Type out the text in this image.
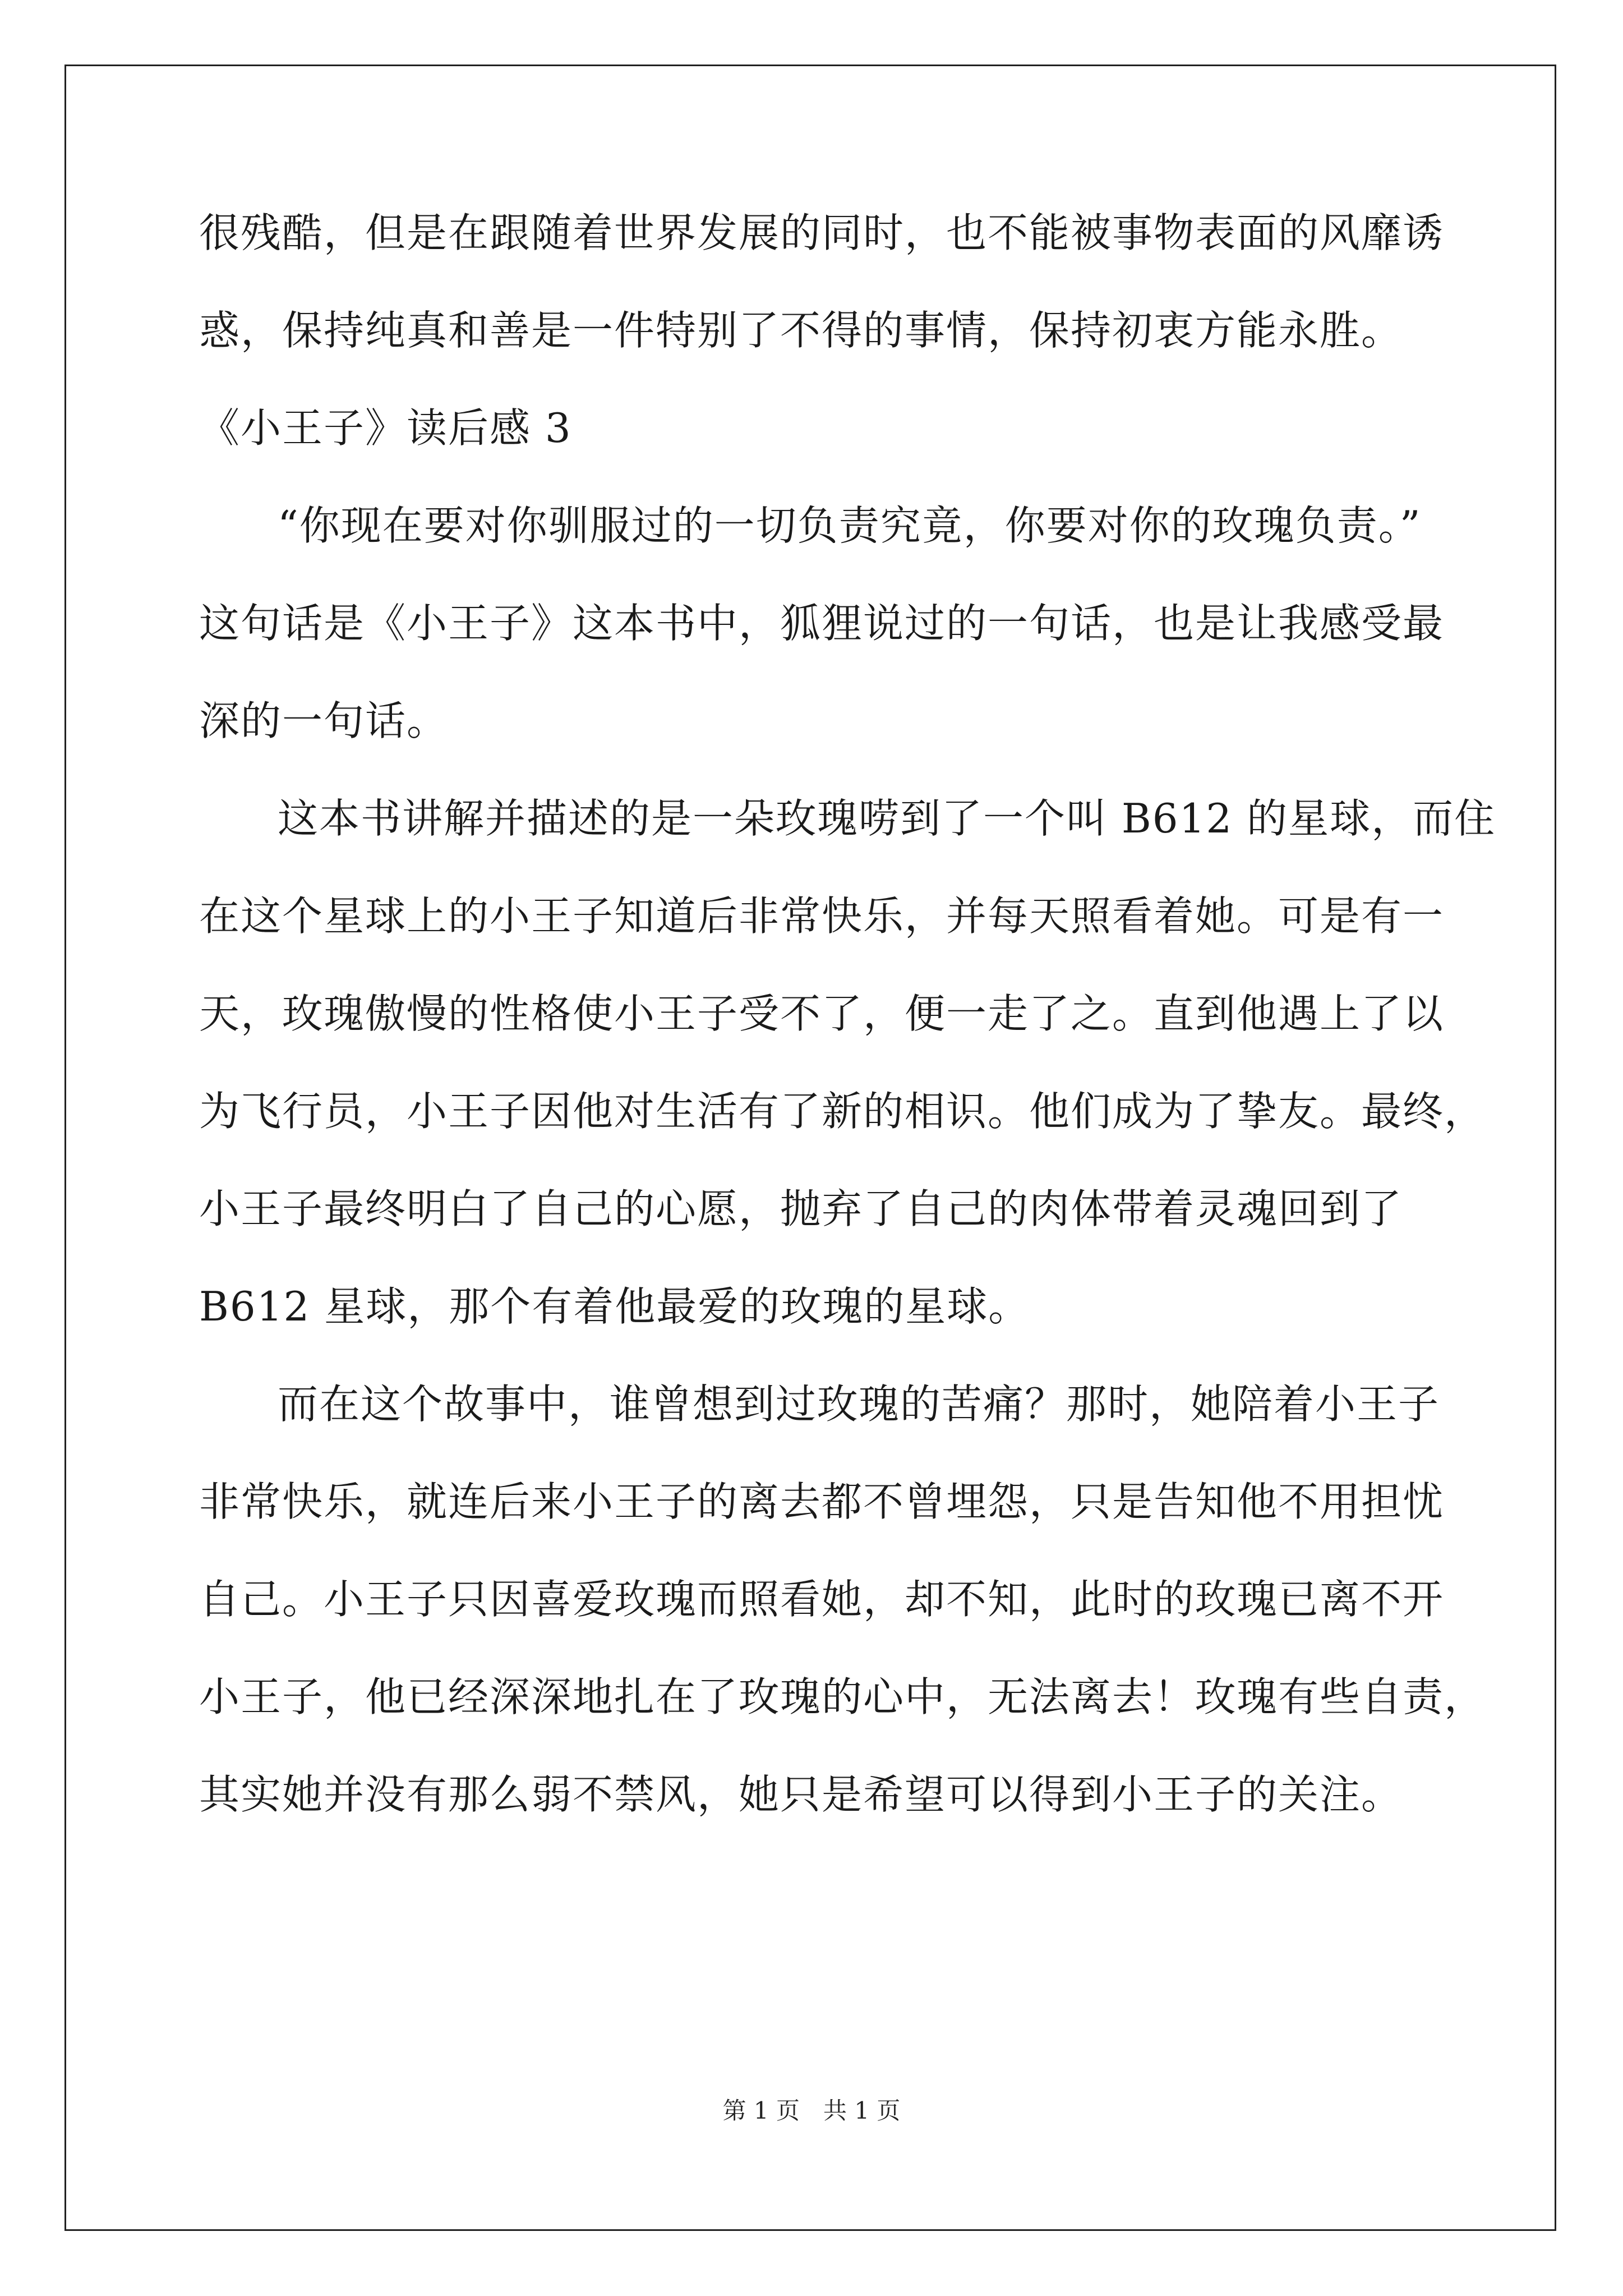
很残酷，但是在跟随着世界发展的同时，也不能被事物表面的风靡诱
惑，保持纯真和善是一件特别了不得的事情，保持初衷方能永胜。
《小王子》读后感 3
“你现在要对你驯服过的一切负责究竟，你要对你的玫瑰负责。”
这句话是《小王子》这本书中，狐狸说过的一句话，也是让我感受最
深的一句话。
这本书讲解并描述的是一朵玫瑰唠到了一个叫 B612 的星球，而住
在这个星球上的小王子知道后非常快乐，并每天照看着她。可是有一
天，玫瑰傲慢的性格使小王子受不了，便一走了之。直到他遇上了以
为飞行员，小王子因他对生活有了新的相识。他们成为了挚友。最终，
小王子最终明白了自己的心愿，抛弃了自己的肉体带着灵魂回到了
B612 星球，那个有着他最爱的玫瑰的星球。
而在这个故事中，谁曾想到过玫瑰的苦痛？那时，她陪着小王子
非常快乐，就连后来小王子的离去都不曾埋怨，只是告知他不用担忧
自己。小王子只因喜爱玫瑰而照看她，却不知，此时的玫瑰已离不开
小王子，他已经深深地扎在了玫瑰的心中，无法离去！玫瑰有些自责，
其实她并没有那么弱不禁风，她只是希望可以得到小王子的关注。
第 1 页　共 1 页
